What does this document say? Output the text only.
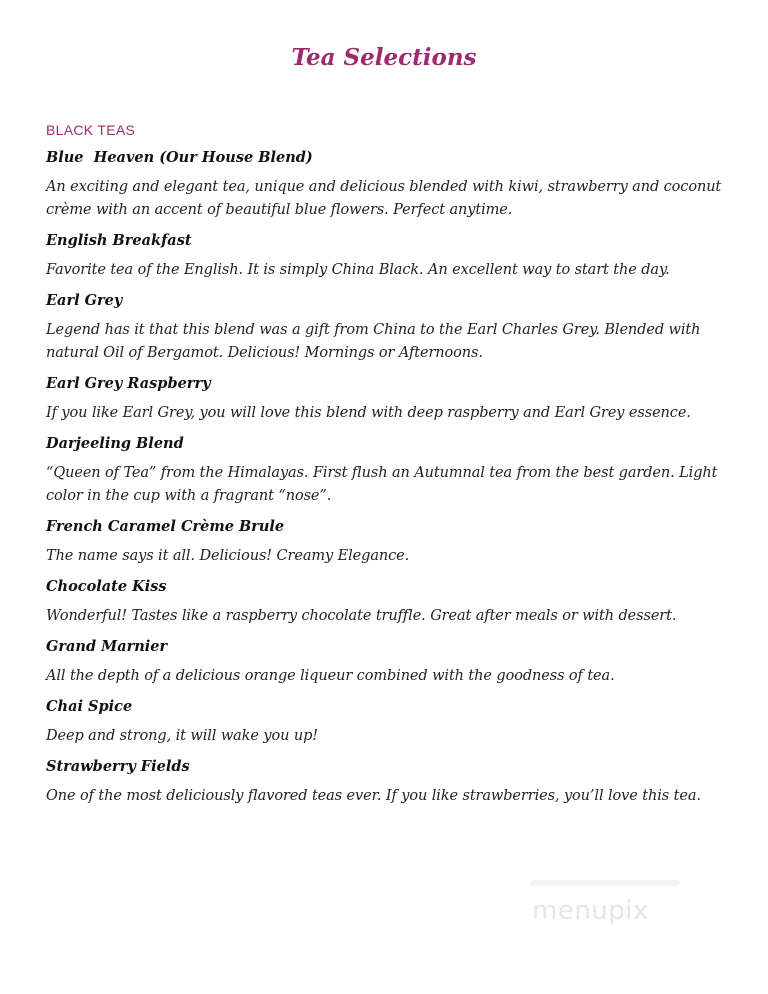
Tea Selections
BLACK TEAS
Blue  Heaven (Our House Blend)
An exciting and elegant tea, unique and delicious blended with kiwi, strawberry and coconut crème with an accent of beautiful blue flowers. Perfect anytime.
English Breakfast
Favorite tea of the English. It is simply China Black. An excellent way to start the day.
Earl Grey
Legend has it that this blend was a gift from China to the Earl Charles Grey. Blended with natural Oil of Bergamot. Delicious! Mornings or Afternoons.
Earl Grey Raspberry
If you like Earl Grey, you will love this blend with deep raspberry and Earl Grey essence.
Darjeeling Blend
“Queen of Tea” from the Himalayas. First flush an Autumnal tea from the best garden. Light color in the cup with a fragrant “nose”.
French Caramel Crème Brule
The name says it all. Delicious! Creamy Elegance.
Chocolate Kiss
Wonderful! Tastes like a raspberry chocolate truffle. Great after meals or with dessert.
Grand Marnier
All the depth of a delicious orange liqueur combined with the goodness of tea.
Chai Spice
Deep and strong, it will wake you up!
Strawberry Fields
One of the most deliciously flavored teas ever. If you like strawberries, you’ll love this tea.
menupix
